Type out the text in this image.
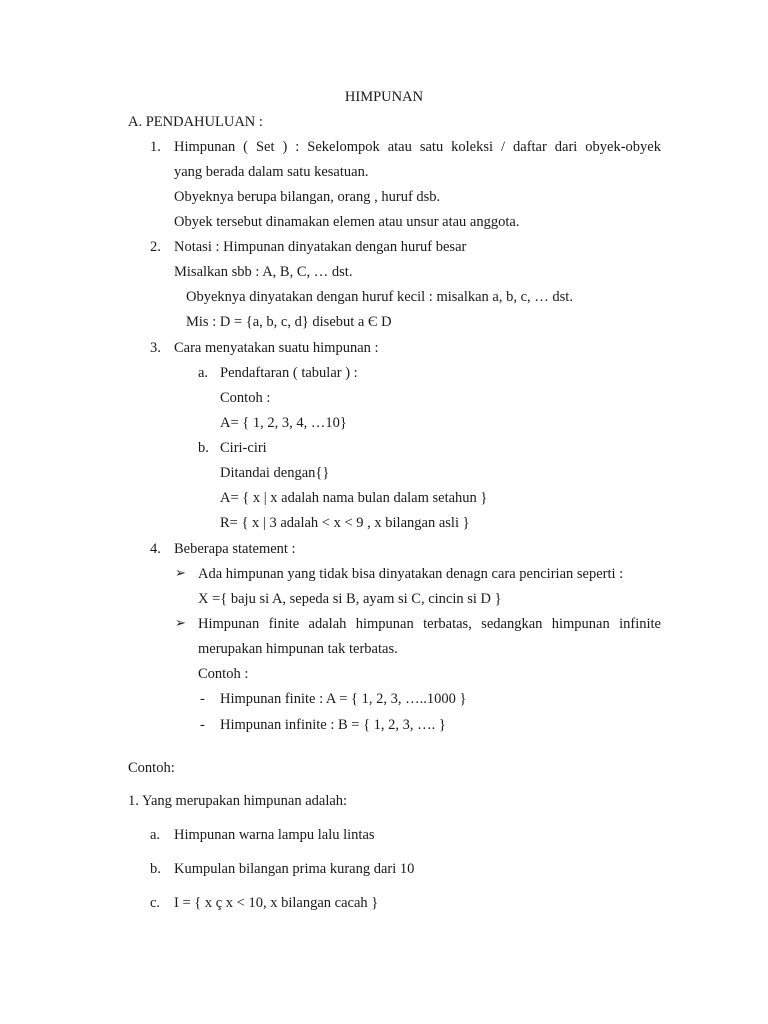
HIMPUNAN
A. PENDAHULUAN :
1. Himpunan ( Set ) : Sekelompok atau satu koleksi / daftar dari obyek-obyek
yang berada dalam satu kesatuan.
Obyeknya berupa bilangan, orang , huruf dsb.
Obyek tersebut dinamakan elemen atau unsur atau anggota.
2. Notasi : Himpunan dinyatakan dengan huruf besar
Misalkan sbb : A, B, C, … dst.
Obyeknya dinyatakan dengan huruf kecil : misalkan a, b, c, … dst.
Mis : D = {a, b, c, d} disebut a Є D
3. Cara menyatakan suatu himpunan :
a. Pendaftaran ( tabular ) :
Contoh :
A= { 1, 2, 3, 4, …10}
b. Ciri-ciri
Ditandai dengan{}
A= { x | x adalah nama bulan dalam setahun }
R= { x | 3 adalah < x < 9 , x bilangan asli }
4. Beberapa statement :
➢ Ada himpunan yang tidak bisa dinyatakan denagn cara pencirian seperti :
X ={ baju si A, sepeda si B, ayam si C, cincin si D }
➢ Himpunan finite adalah himpunan terbatas, sedangkan himpunan infinite
merupakan himpunan tak terbatas.
Contoh :
- Himpunan finite : A = { 1, 2, 3, …..1000 }
- Himpunan infinite : B = { 1, 2, 3, …. }
Contoh:
1. Yang merupakan himpunan adalah:
a. Himpunan warna lampu lalu lintas
b. Kumpulan bilangan prima kurang dari 10
c. I = { x ç x < 10, x bilangan cacah }
